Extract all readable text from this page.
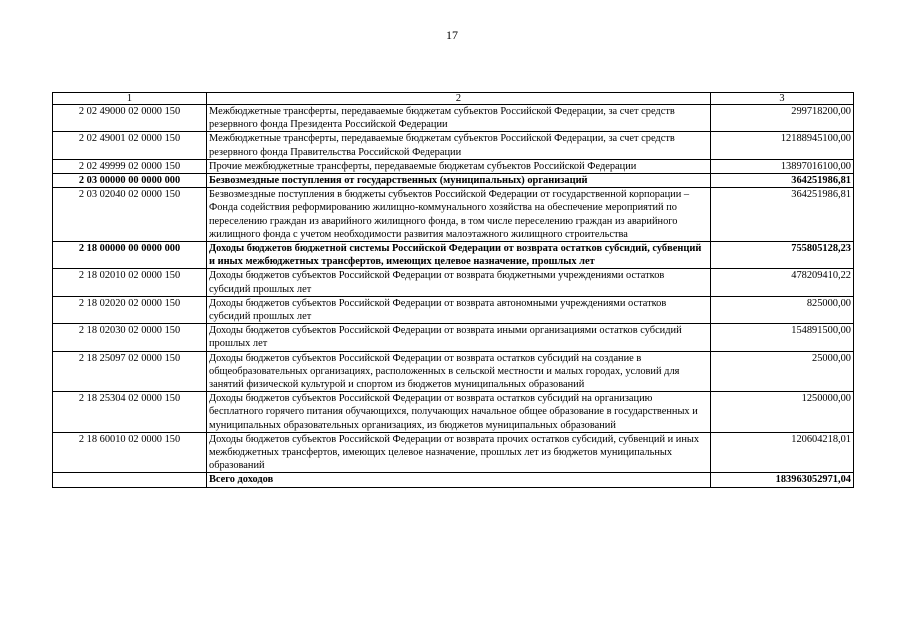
17
1	2	3
2 02 49000 02 0000 150	Межбюджетные трансферты, передаваемые бюджетам субъектов Российской Федерации, за счет средств резервного фонда Президента Российской Федерации	299718200,00
2 02 49001 02 0000 150	Межбюджетные трансферты, передаваемые бюджетам субъектов Российской Федерации, за счет средств резервного фонда Правительства Российской Федерации	12188945100,00
2 02 49999 02 0000 150	Прочие межбюджетные трансферты, передаваемые бюджетам субъектов Российской Федерации	13897016100,00
2 03 00000 00 0000 000	Безвозмездные поступления от государственных (муниципальных) организаций	364251986,81
2 03 02040 02 0000 150	Безвозмездные поступления в бюджеты субъектов Российской Федерации от государственной корпорации – Фонда содействия реформированию жилищно-коммунального хозяйства на обеспечение мероприятий по переселению граждан из аварийного жилищного фонда, в том числе переселению граждан из аварийного жилищного фонда с учетом необходимости развития малоэтажного жилищного строительства	364251986,81
2 18 00000 00 0000 000	Доходы бюджетов бюджетной системы Российской Федерации от возврата остатков субсидий, субвенций и иных межбюджетных трансфертов, имеющих целевое назначение, прошлых лет	755805128,23
2 18 02010 02 0000 150	Доходы бюджетов субъектов Российской Федерации от возврата бюджетными учреждениями остатков субсидий прошлых лет	478209410,22
2 18 02020 02 0000 150	Доходы бюджетов субъектов Российской Федерации от возврата автономными учреждениями остатков субсидий прошлых лет	825000,00
2 18 02030 02 0000 150	Доходы бюджетов субъектов Российской Федерации от возврата иными организациями остатков субсидий прошлых лет	154891500,00
2 18 25097 02 0000 150	Доходы бюджетов субъектов Российской Федерации от возврата остатков субсидий на создание в общеобразовательных организациях, расположенных в сельской местности и малых городах, условий для занятий физической культурой и спортом из бюджетов муниципальных образований	25000,00
2 18 25304 02 0000 150	Доходы бюджетов субъектов Российской Федерации от возврата остатков субсидий на организацию бесплатного горячего питания обучающихся, получающих начальное общее образование в государственных и муниципальных образовательных организациях, из бюджетов муниципальных образований	1250000,00
2 18 60010 02 0000 150	Доходы бюджетов субъектов Российской Федерации от возврата прочих остатков субсидий, субвенций и иных межбюджетных трансфертов, имеющих целевое назначение, прошлых лет из бюджетов муниципальных образований	120604218,01
	Всего доходов	183963052971,04
